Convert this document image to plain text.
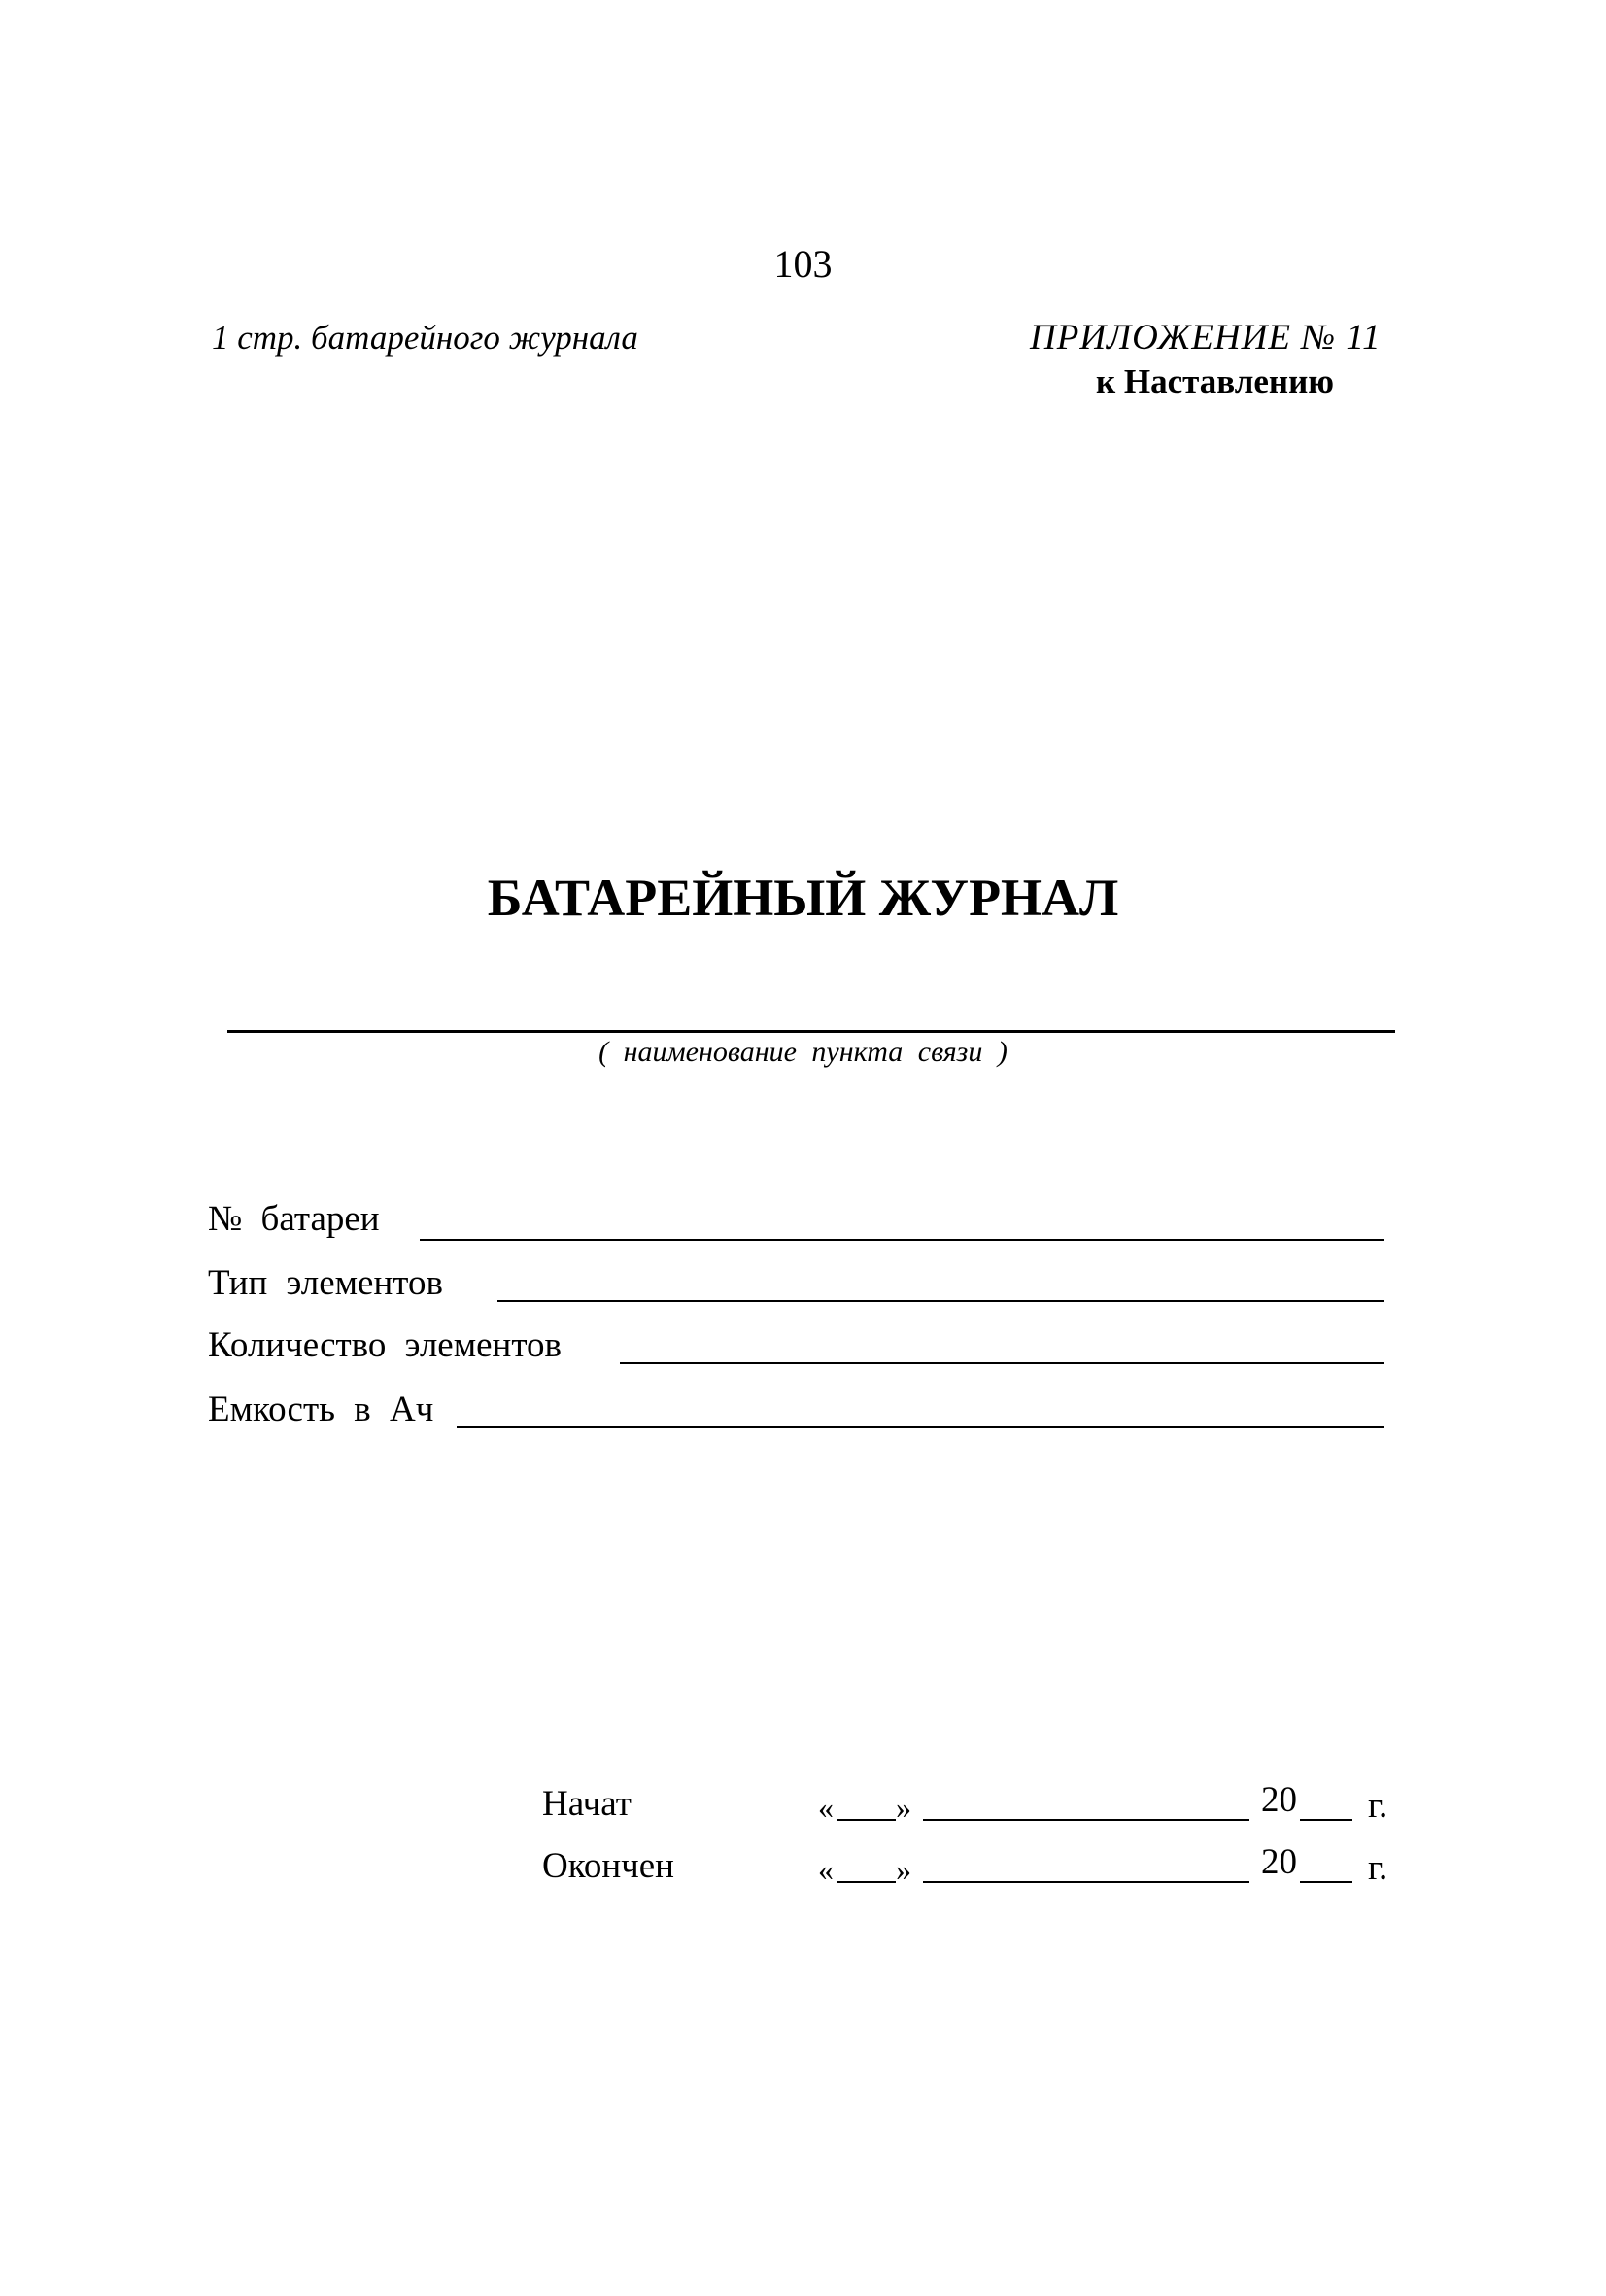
103
1 стр. батарейного журнала	ПРИЛОЖЕНИЕ № 11
к Наставлению
БАТАРЕЙНЫЙ ЖУРНАЛ
( наименование пункта связи )
№ батареи
Тип элементов
Количество элементов
Емкость в Ач
Начат	« »	20 г.
Окончен	« »	20 г.
